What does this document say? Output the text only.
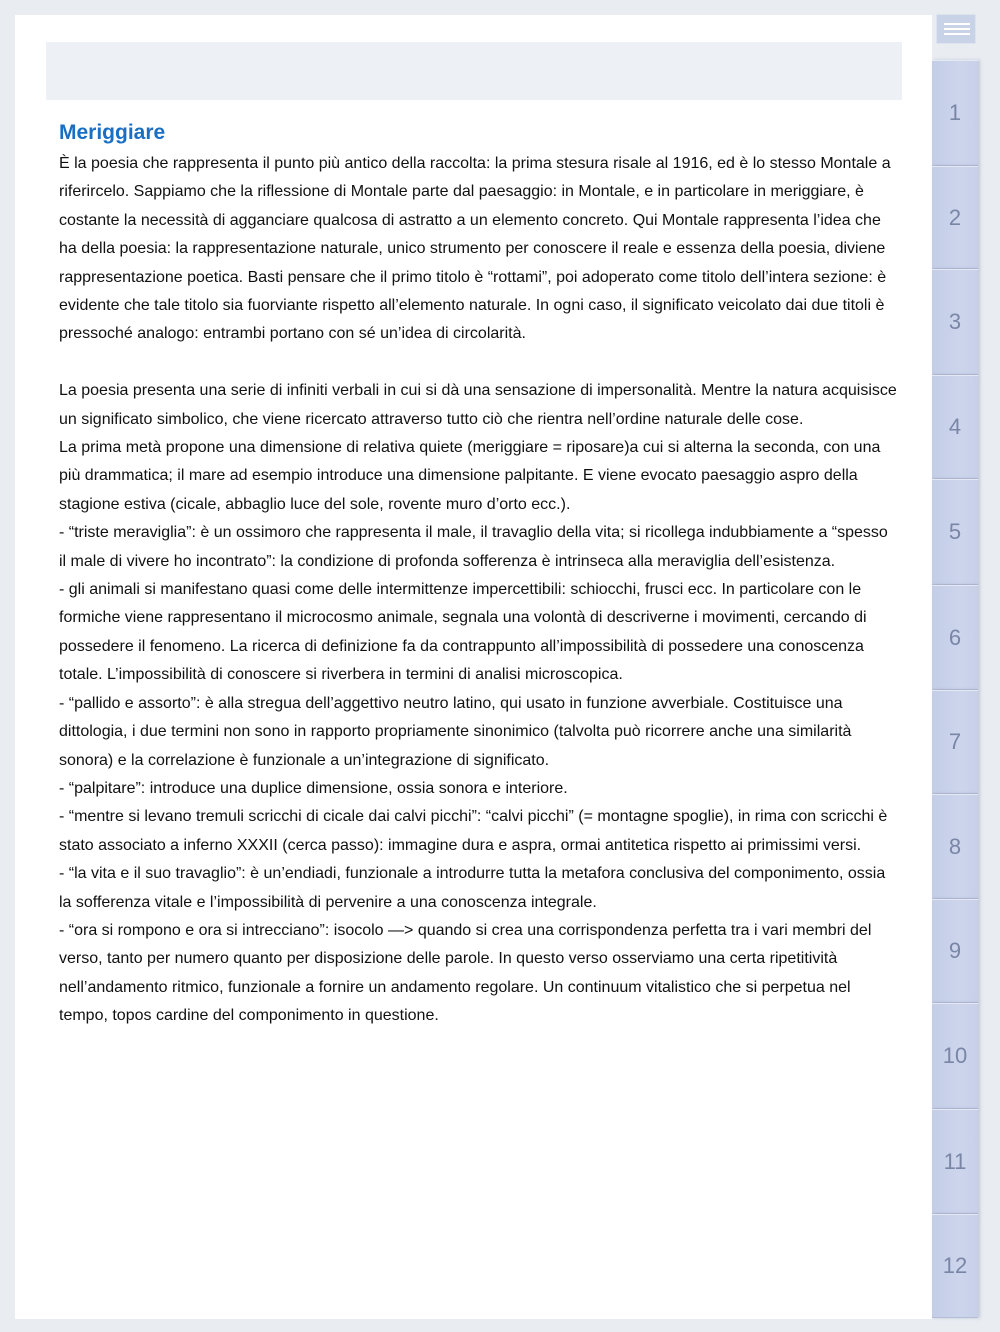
Meriggiare

È la poesia che rappresenta il punto più antico della raccolta: la prima stesura risale al 1916, ed è lo stesso Montale a riferircelo. Sappiamo che la riflessione di Montale parte dal paesaggio: in Montale, e in particolare in meriggiare, è costante la necessità di agganciare qualcosa di astratto a un elemento concreto. Qui Montale rappresenta l’idea che ha della poesia: la rappresentazione naturale, unico strumento per conoscere il reale e essenza della poesia, diviene rappresentazione poetica. Basti pensare che il primo titolo è “rottami”, poi adoperato come titolo dell’intera sezione: è evidente che tale titolo sia fuorviante rispetto all’elemento naturale. In ogni caso, il significato veicolato dai due titoli è pressoché analogo: entrambi portano con sé un’idea di circolarità.

La poesia presenta una serie di infiniti verbali in cui si dà una sensazione di impersonalità. Mentre la natura acquisisce un significato simbolico, che viene ricercato attraverso tutto ciò che rientra nell’ordine naturale delle cose.

La prima metà propone una dimensione di relativa quiete (meriggiare = riposare)a cui si alterna la seconda, con una più drammatica; il mare ad esempio introduce una dimensione palpitante. E viene evocato paesaggio aspro della stagione estiva (cicale, abbaglio luce del sole, rovente muro d’orto ecc.).

- “triste meraviglia”: è un ossimoro che rappresenta il male, il travaglio della vita; si ricollega indubbiamente a “spesso il male di vivere ho incontrato”: la condizione di profonda sofferenza è intrinseca alla meraviglia dell’esistenza.

- gli animali si manifestano quasi come delle intermittenze impercettibili: schiocchi, frusci ecc. In particolare con le formiche viene rappresentano il microcosmo animale, segnala una volontà di descriverne i movimenti, cercando di possedere il fenomeno. La ricerca di definizione fa da contrappunto all’impossibilità di possedere una conoscenza totale. L’impossibilità di conoscere si riverbera in termini di analisi microscopica.

- “pallido e assorto”: è alla stregua dell’aggettivo neutro latino, qui usato in funzione avverbiale. Costituisce una dittologia, i due termini non sono in rapporto propriamente sinonimico (talvolta può ricorrere anche una similarità sonora) e la correlazione è funzionale a un’integrazione di significato.

- “palpitare”: introduce una duplice dimensione, ossia sonora e interiore.

- “mentre si levano tremuli scricchi di cicale dai calvi picchi”: “calvi picchi” (= montagne spoglie), in rima con scricchi è stato associato a inferno XXXII (cerca passo): immagine dura e aspra, ormai antitetica rispetto ai primissimi versi.

- “la vita e il suo travaglio”: è un’endiadi, funzionale a introdurre tutta la metafora conclusiva del componimento, ossia la sofferenza vitale e l’impossibilità di pervenire a una conoscenza integrale.

- “ora si rompono e ora si intrecciano”: isocolo —> quando si crea una corrispondenza perfetta tra i vari membri del verso, tanto per numero quanto per disposizione delle parole. In questo verso osserviamo una certa ripetitività nell’andamento ritmico, funzionale a fornire un andamento regolare. Un continuum vitalistico che si perpetua nel tempo, topos cardine del componimento in questione.

1
2
3
4
5
6
7
8
9
10
11
12
